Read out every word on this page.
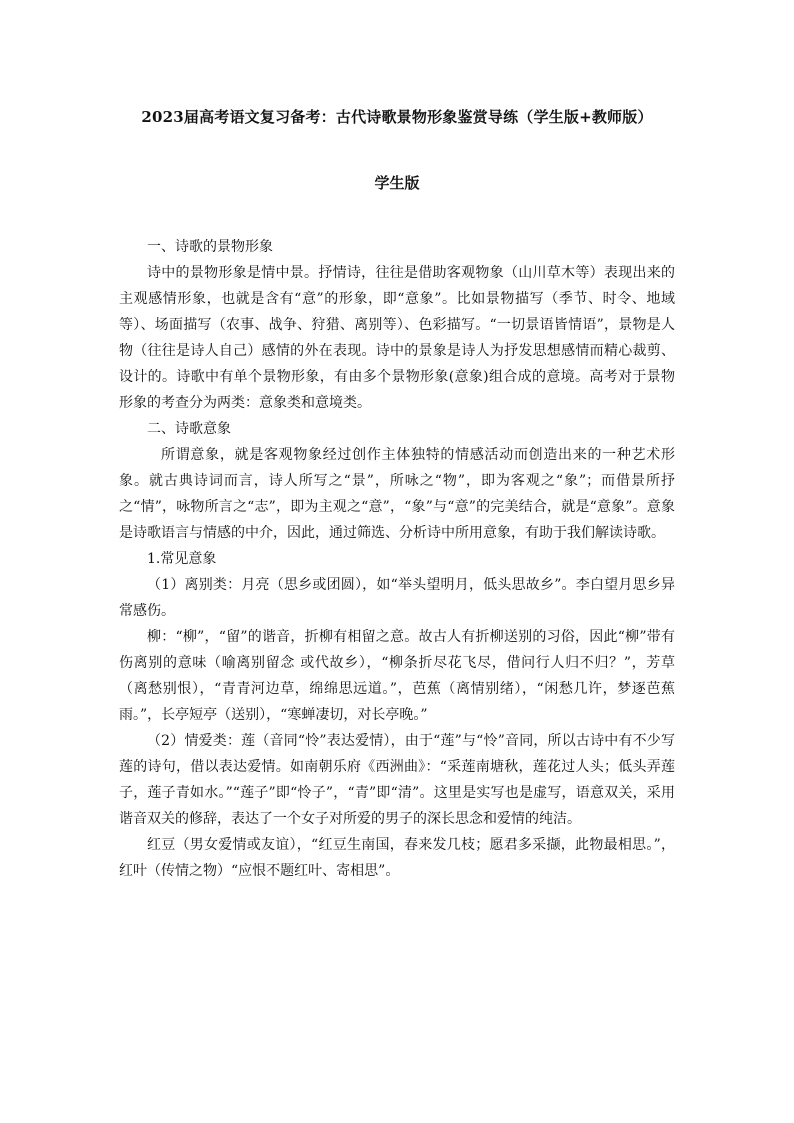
2023届高考语文复习备考：古代诗歌景物形象鉴赏导练（学生版+教师版）
学生版

一、诗歌的景物形象

诗中的景物形象是情中景。抒情诗，往往是借助客观物象（山川草木等）表现出来的主观感情形象，也就是含有“意”的形象，即“意象”。比如景物描写（季节、时令、地域等）、场面描写（农事、战争、狩猎、离别等）、色彩描写。“一切景语皆情语”，景物是人物（往往是诗人自己）感情的外在表现。诗中的景象是诗人为抒发思想感情而精心裁剪、设计的。诗歌中有单个景物形象，有由多个景物形象(意象)组合成的意境。高考对于景物形象的考查分为两类：意象类和意境类。

二、诗歌意象

所谓意象，就是客观物象经过创作主体独特的情感活动而创造出来的一种艺术形象。就古典诗词而言，诗人所写之“景”，所咏之“物”，即为客观之“象”；而借景所抒之“情”，咏物所言之“志”，即为主观之“意”，“象”与“意”的完美结合，就是“意象”。意象是诗歌语言与情感的中介，因此，通过筛选、分析诗中所用意象，有助于我们解读诗歌。

1.常见意象

（1）离别类：月亮（思乡或团圆），如“举头望明月，低头思故乡”。李白望月思乡异常感伤。

柳：“柳”，“留”的谐音，折柳有相留之意。故古人有折柳送别的习俗，因此“柳”带有伤离别的意味（喻离别留念 或代故乡），“柳条折尽花飞尽，借问行人归不归？”，芳草（离愁别恨），“青青河边草，绵绵思远道。”，芭蕉（离情别绪），“闲愁几许，梦逐芭蕉雨。”，长亭短亭（送别），“寒蝉凄切，对长亭晚。”

（2）情爱类：莲（音同“怜”表达爱情），由于“莲”与“怜”音同，所以古诗中有不少写莲的诗句，借以表达爱情。如南朝乐府《西洲曲》：“采莲南塘秋，莲花过人头；低头弄莲子，莲子青如水。”“莲子”即“怜子”，“青”即“清”。这里是实写也是虚写，语意双关，采用谐音双关的修辞，表达了一个女子对所爱的男子的深长思念和爱情的纯洁。

红豆（男女爱情或友谊），“红豆生南国，春来发几枝；愿君多采撷，此物最相思。”，红叶（传情之物）“应恨不题红叶、寄相思”。
